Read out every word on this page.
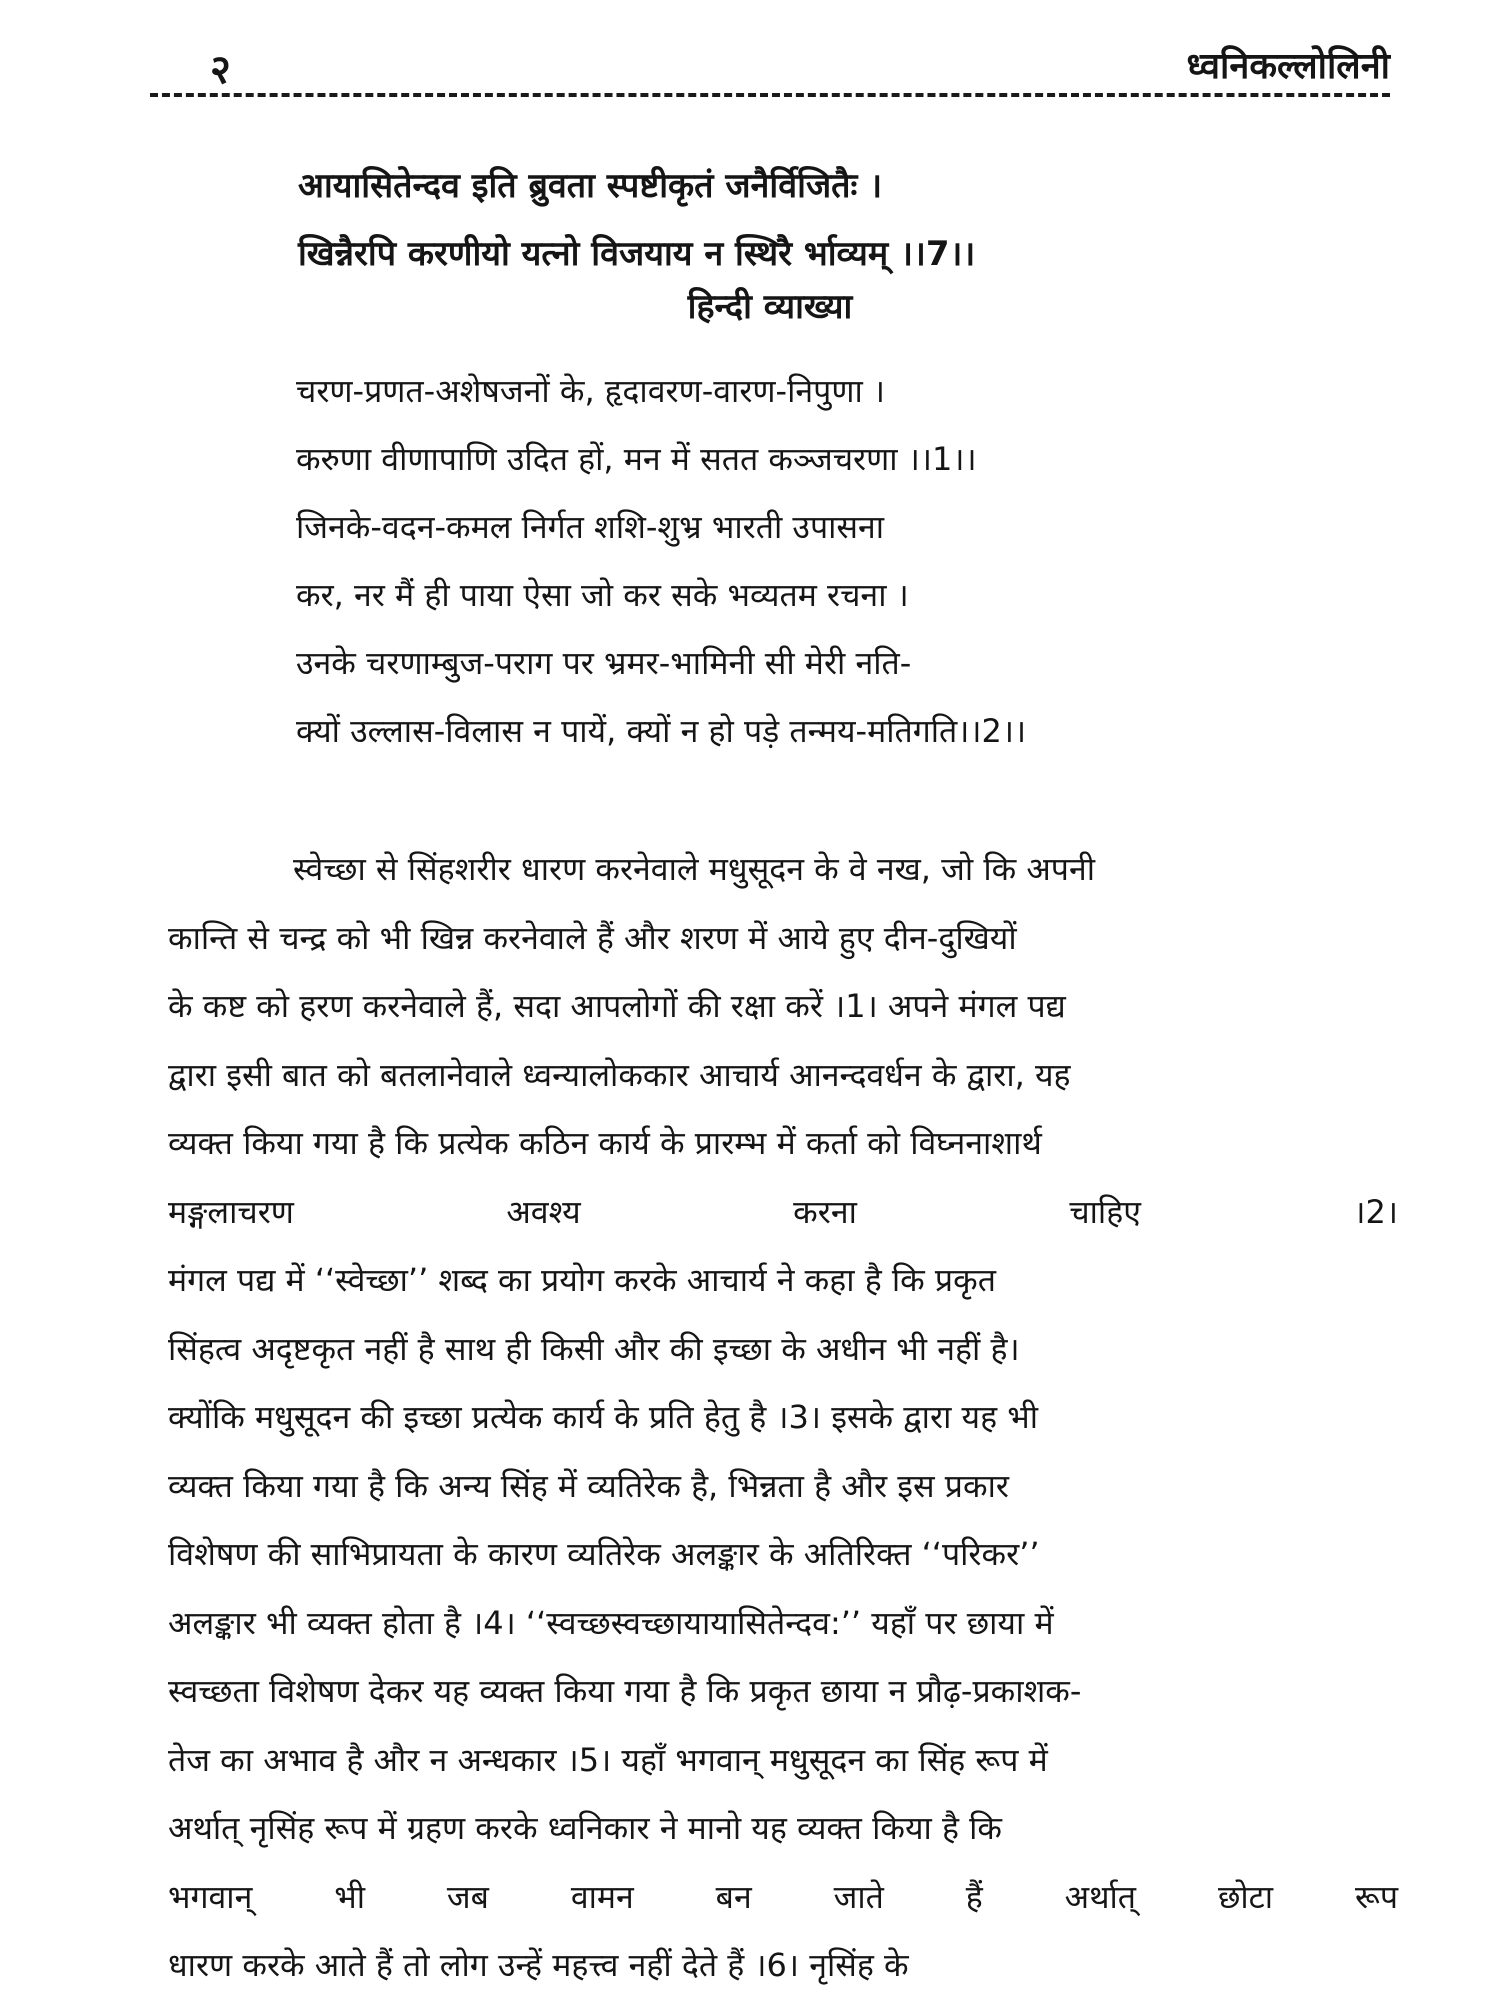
२	ध्वनिकल्लोलिनी
आयासितेन्दव इति ब्रुवता स्पष्टीकृतं जनैर्विजितैः ।
खिन्नैरपि करणीयो यत्नो विजयाय न स्थिरै र्भाव्यम् ।।7।।
हिन्दी व्याख्या
चरण-प्रणत-अशेषजनों के, हृदावरण-वारण-निपुणा ।
करुणा वीणापाणि उदित हों, मन में सतत कञ्जचरणा ।।1।।
जिनके-वदन-कमल निर्गत शशि-शुभ्र भारती उपासना
कर, नर मैं ही पाया ऐसा जो कर सके भव्यतम रचना ।
उनके चरणाम्बुज-पराग पर भ्रमर-भामिनी सी मेरी नति-
क्यों उल्लास-विलास न पायें, क्यों न हो पड़े तन्मय-मतिगति।।2।।
स्वेच्छा से सिंहशरीर धारण करनेवाले मधुसूदन के वे नख, जो कि अपनी
कान्ति से चन्द्र को भी खिन्न करनेवाले हैं और शरण में आये हुए दीन-दुखियों
के कष्ट को हरण करनेवाले हैं, सदा आपलोगों की रक्षा करें ।1। अपने मंगल पद्य
द्वारा इसी बात को बतलानेवाले ध्वन्यालोककार आचार्य आनन्दवर्धन के द्वारा, यह
व्यक्त किया गया है कि प्रत्येक कठिन कार्य के प्रारम्भ में कर्ता को विघ्ननाशार्थ
मङ्गलाचरण	अवश्य	करना	चाहिए	।2।
मंगल पद्य में ‘‘स्वेच्छा’’ शब्द का प्रयोग करके आचार्य ने कहा है कि प्रकृत
सिंहत्व अदृष्टकृत नहीं है साथ ही किसी और की इच्छा के अधीन भी नहीं है।
क्योंकि मधुसूदन की इच्छा प्रत्येक कार्य के प्रति हेतु है ।3। इसके द्वारा यह भी
व्यक्त किया गया है कि अन्य सिंह में व्यतिरेक है, भिन्नता है और इस प्रकार
विशेषण की साभिप्रायता के कारण व्यतिरेक अलङ्कार के अतिरिक्त ‘‘परिकर’’
अलङ्कार भी व्यक्त होता है ।4। ‘‘स्वच्छस्वच्छायायासितेन्दव:’’ यहाँ पर छाया में
स्वच्छता विशेषण देकर यह व्यक्त किया गया है कि प्रकृत छाया न प्रौढ़-प्रकाशक-
तेज का अभाव है और न अन्धकार ।5। यहाँ भगवान् मधुसूदन का सिंह रूप में
अर्थात् नृसिंह रूप में ग्रहण करके ध्वनिकार ने मानो यह व्यक्त किया है कि
भगवान्	भी	जब	वामन	बन	जाते	हैं	अर्थात्	छोटा	रूप
धारण करके आते हैं तो लोग उन्हें महत्त्व नहीं देते हैं ।6। नृसिंह के
